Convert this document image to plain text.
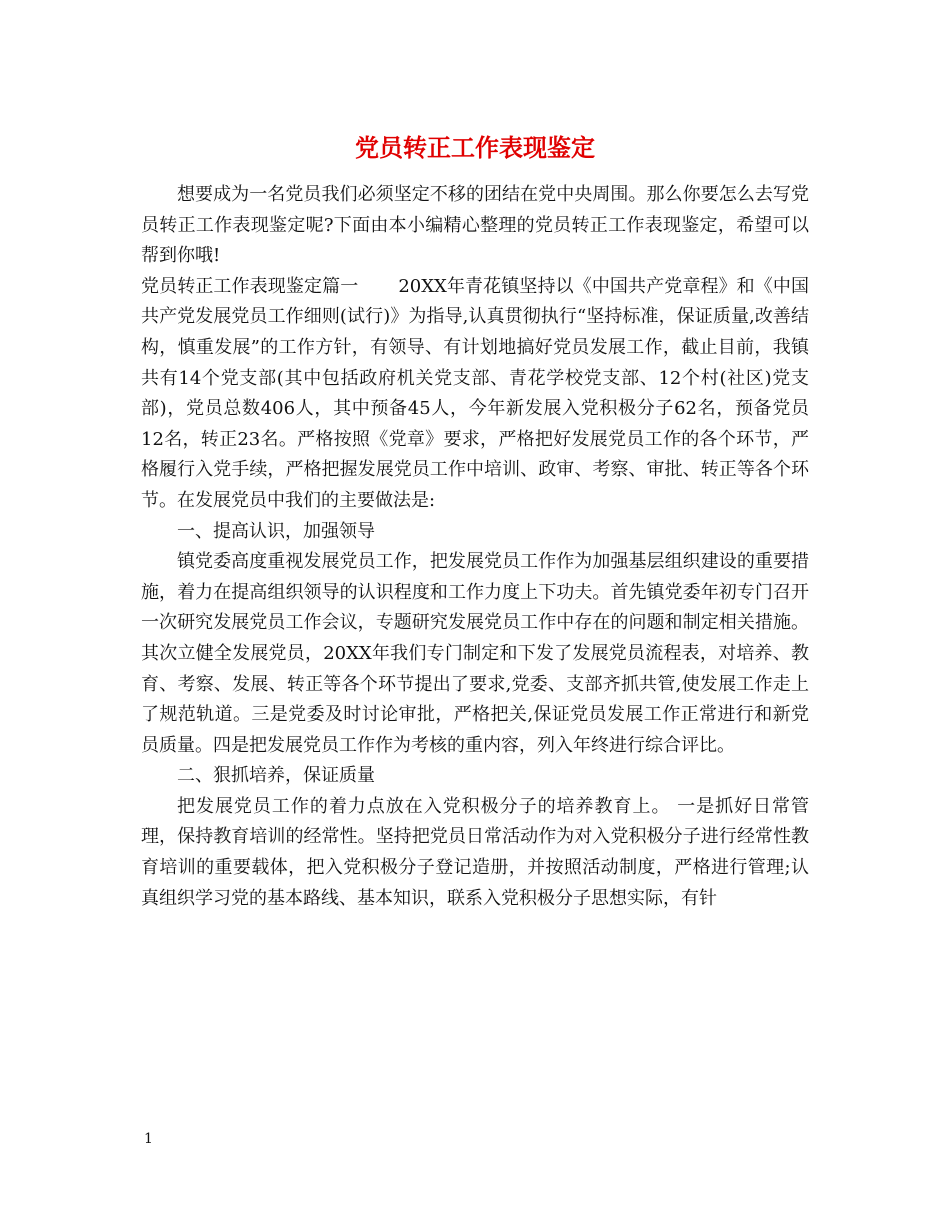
党员转正工作表现鉴定

想要成为一名党员我们必须坚定不移的团结在党中央周围。那么你要怎么去写党员转正工作表现鉴定呢?下面由本小编精心整理的党员转正工作表现鉴定，希望可以帮到你哦!

党员转正工作表现鉴定篇一 20XX年青花镇坚持以《中国共产党章程》和《中国共产党发展党员工作细则(试行)》为指导,认真贯彻执行“坚持标准，保证质量,改善结构，慎重发展”的工作方针，有领导、有计划地搞好党员发展工作，截止目前，我镇共有14个党支部(其中包括政府机关党支部、青花学校党支部、12个村(社区)党支部)，党员总数406人，其中预备45人，今年新发展入党积极分子62名，预备党员12名，转正23名。严格按照《党章》要求，严格把好发展党员工作的各个环节，严格履行入党手续，严格把握发展党员工作中培训、政审、考察、审批、转正等各个环节。在发展党员中我们的主要做法是:

一、提高认识，加强领导

镇党委高度重视发展党员工作，把发展党员工作作为加强基层组织建设的重要措施，着力在提高组织领导的认识程度和工作力度上下功夫。首先镇党委年初专门召开一次研究发展党员工作会议，专题研究发展党员工作中存在的问题和制定相关措施。其次立健全发展党员，20XX年我们专门制定和下发了发展党员流程表，对培养、教育、考察、发展、转正等各个环节提出了要求,党委、支部齐抓共管,使发展工作走上了规范轨道。三是党委及时讨论审批，严格把关,保证党员发展工作正常进行和新党员质量。四是把发展党员工作作为考核的重内容，列入年终进行综合评比。

二、狠抓培养，保证质量

把发展党员工作的着力点放在入党积极分子的培养教育上。 一是抓好日常管理，保持教育培训的经常性。坚持把党员日常活动作为对入党积极分子进行经常性教育培训的重要载体，把入党积极分子登记造册，并按照活动制度，严格进行管理;认真组织学习党的基本路线、基本知识，联系入党积极分子思想实际，有针

1
